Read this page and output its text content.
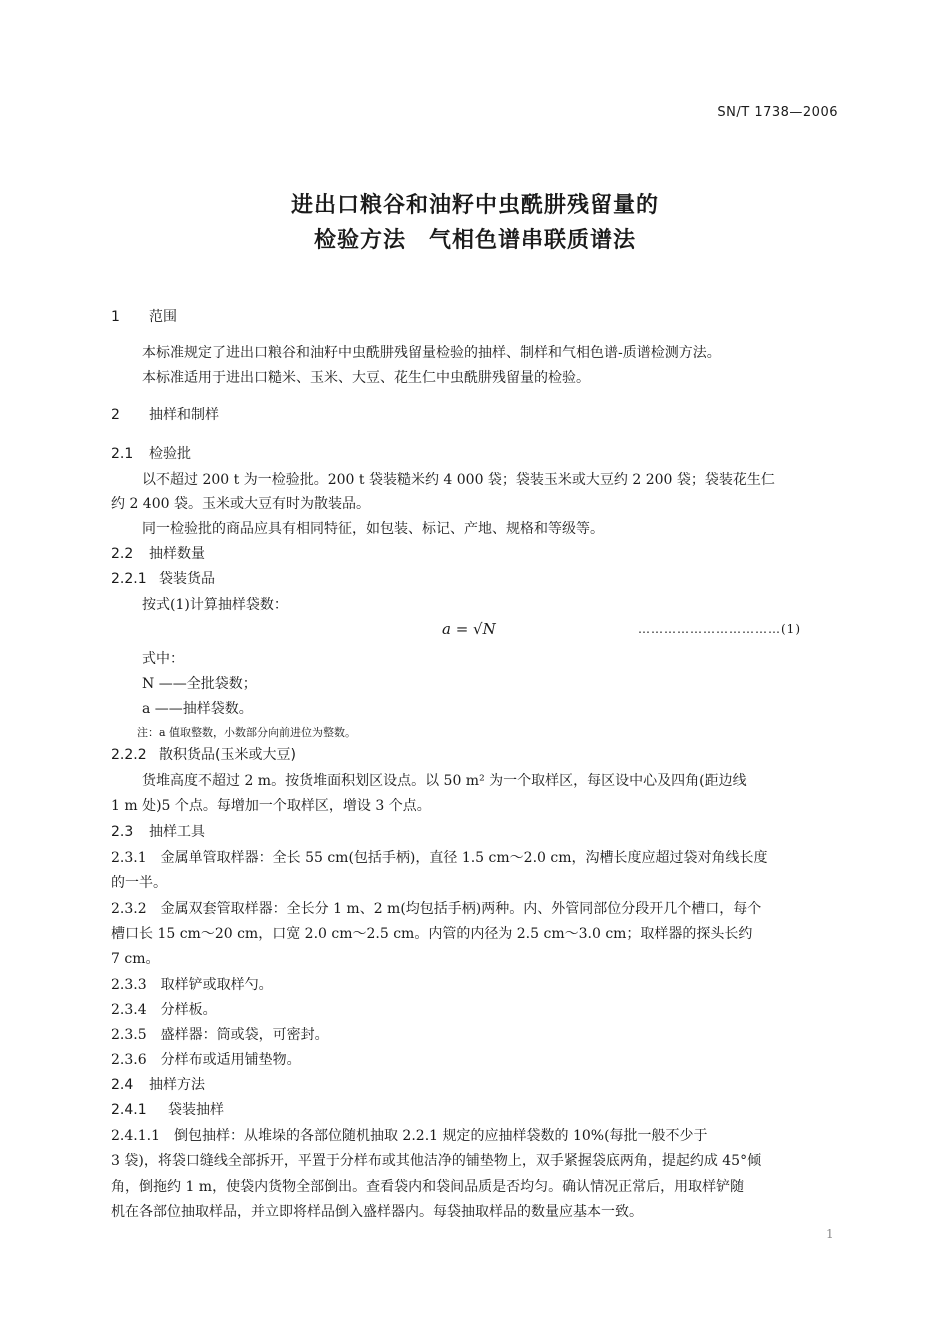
SN/T 1738—2006
进出口粮谷和油籽中虫酰肼残留量的
检验方法　气相色谱串联质谱法
1 范围
本标准规定了进出口粮谷和油籽中虫酰肼残留量检验的抽样、制样和气相色谱-质谱检测方法。
本标准适用于进出口糙米、玉米、大豆、花生仁中虫酰肼残留量的检验。
2 抽样和制样
2.1 检验批
以不超过 200 t 为一检验批。200 t 袋装糙米约 4 000 袋；袋装玉米或大豆约 2 200 袋；袋装花生仁
约 2 400 袋。玉米或大豆有时为散装品。
同一检验批的商品应具有相同特征，如包装、标记、产地、规格和等级等。
2.2 抽样数量
2.2.1 袋装货品
按式(1)计算抽样袋数：
a = √N	……………………………(1)
式中：
N ——全批袋数；
a ——抽样袋数。
注：a 值取整数，小数部分向前进位为整数。
2.2.2 散积货品(玉米或大豆)
货堆高度不超过 2 m。按货堆面积划区设点。以 50 m² 为一个取样区，每区设中心及四角(距边线
1 m 处)5 个点。每增加一个取样区，增设 3 个点。
2.3 抽样工具
2.3.1　金属单管取样器：全长 55 cm(包括手柄)，直径 1.5 cm～2.0 cm，沟槽长度应超过袋对角线长度
的一半。
2.3.2　金属双套管取样器：全长分 1 m、2 m(均包括手柄)两种。内、外管同部位分段开几个槽口，每个
槽口长 15 cm～20 cm，口宽 2.0 cm～2.5 cm。内管的内径为 2.5 cm～3.0 cm；取样器的探头长约
7 cm。
2.3.3　取样铲或取样勺。
2.3.4　分样板。
2.3.5　盛样器：筒或袋，可密封。
2.3.6　分样布或适用铺垫物。
2.4 抽样方法
2.4.1 袋装抽样
2.4.1.1　倒包抽样：从堆垛的各部位随机抽取 2.2.1 规定的应抽样袋数的 10%(每批一般不少于
3 袋)，将袋口缝线全部拆开，平置于分样布或其他洁净的铺垫物上，双手紧握袋底两角，提起约成 45°倾
角，倒拖约 1 m，使袋内货物全部倒出。查看袋内和袋间品质是否均匀。确认情况正常后，用取样铲随
机在各部位抽取样品，并立即将样品倒入盛样器内。每袋抽取样品的数量应基本一致。
1
